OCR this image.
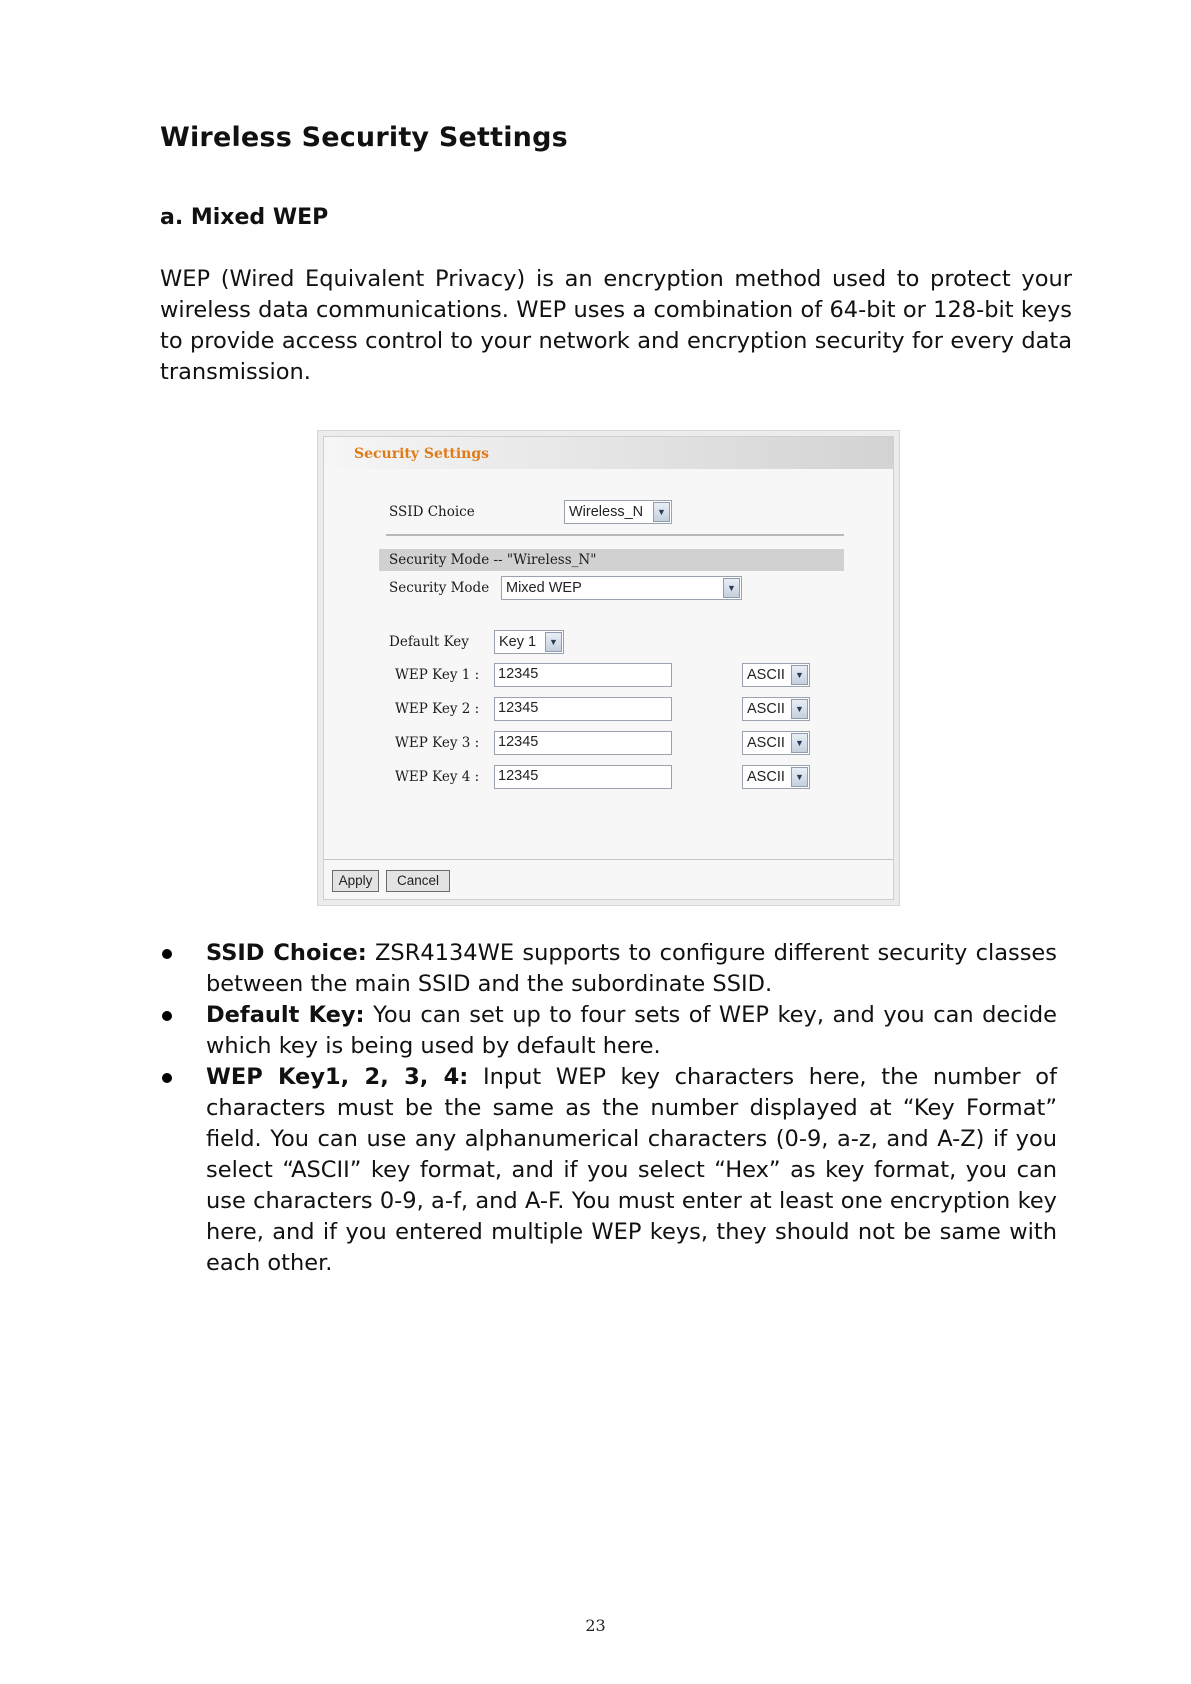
Wireless Security Settings
a. Mixed WEP

WEP (Wired Equivalent Privacy) is an encryption method used to protect your wireless data communications. WEP uses a combination of 64-bit or 128-bit keys to provide access control to your network and encryption security for every data transmission.

Security Settings
SSID Choice	Wireless_N	▼
Security Mode -- "Wireless_N"
Security Mode Mixed WEP	▼
Default Key Key 1	▼
WEP Key 1 : 12345	ASCII	▼
WEP Key 2 : 12345	ASCII	▼
WEP Key 3 : 12345	ASCII	▼
WEP Key 4 : 12345	ASCII	▼
Apply	Cancel
SSID Choice: ZSR4134WE supports to configure different security classes between the main SSID and the subordinate SSID.
Default Key: You can set up to four sets of WEP key, and you can decide which key is being used by default here.
WEP Key1, 2, 3, 4: Input WEP key characters here, the number of characters must be the same as the number displayed at “Key Format” field. You can use any alphanumerical characters (0-9, a-z, and A-Z) if you select “ASCII” key format, and if you select “Hex” as key format, you can use characters 0-9, a-f, and A-F. You must enter at least one encryption key here, and if you entered multiple WEP keys, they should not be same with each other.
23
